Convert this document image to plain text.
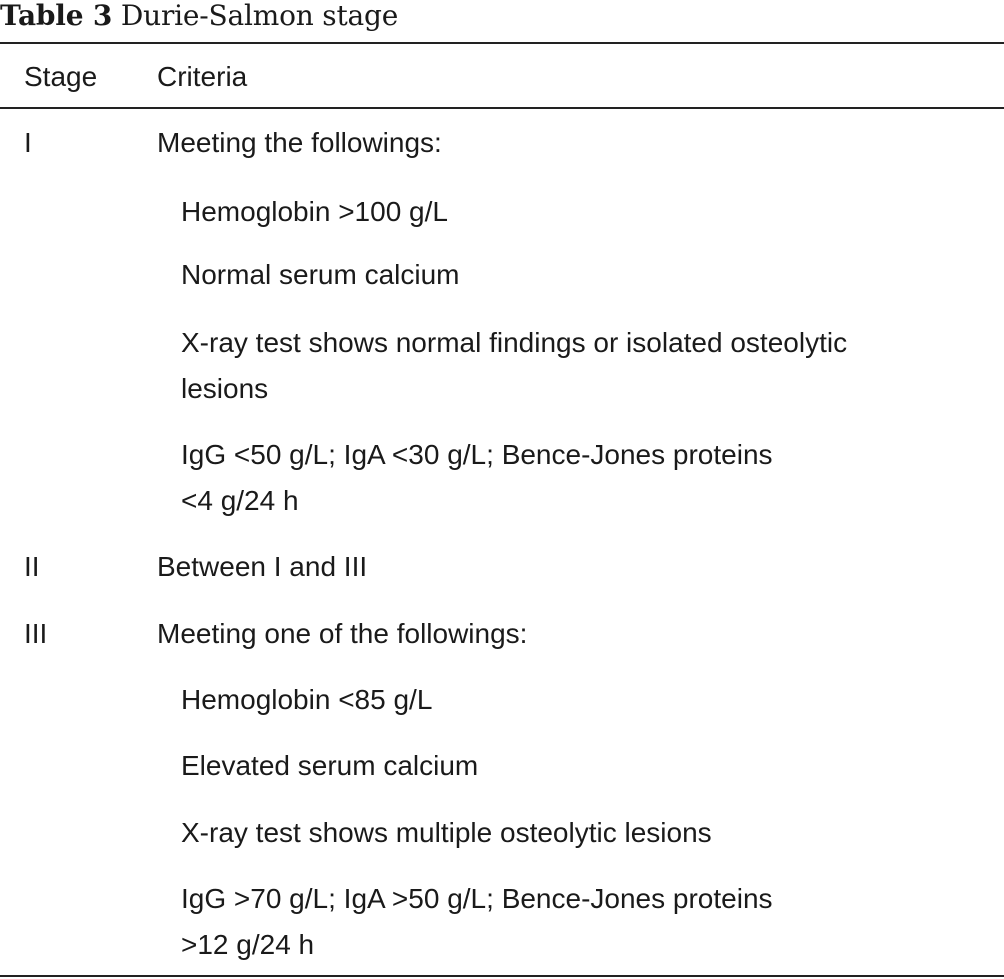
Table 3 Durie-Salmon stage
Stage Criteria
I	Meeting the followings:
Hemoglobin >100 g/L
Normal serum calcium
X-ray test shows normal findings or isolated osteolytic
lesions
IgG <50 g/L; IgA <30 g/L; Bence-Jones proteins
<4 g/24 h
II	Between I and III
III	Meeting one of the followings:
Hemoglobin <85 g/L
Elevated serum calcium
X-ray test shows multiple osteolytic lesions
IgG >70 g/L; IgA >50 g/L; Bence-Jones proteins
>12 g/24 h
